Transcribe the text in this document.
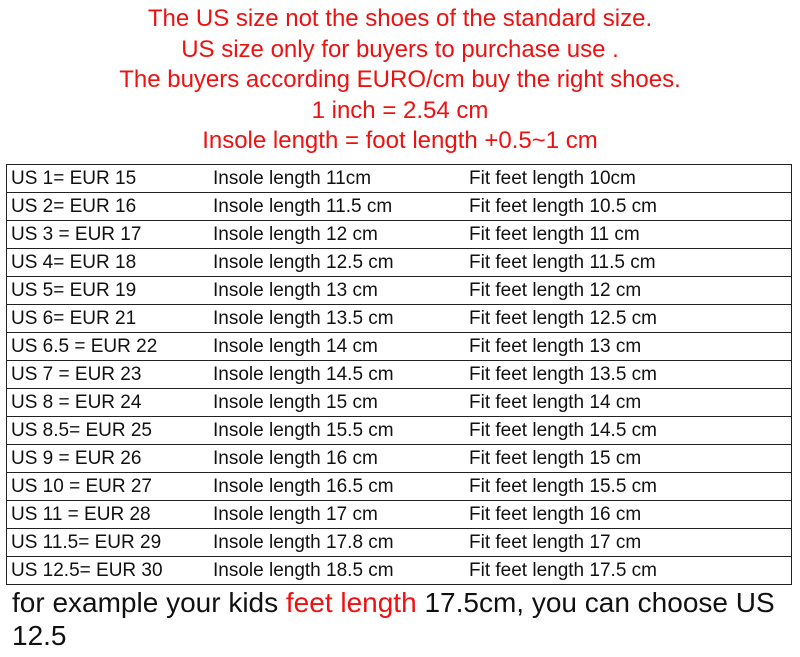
The US size not the shoes of the standard size.
US size only for buyers to purchase use .
The buyers according EURO/cm buy the right shoes.
1 inch = 2.54 cm
Insole length = foot length +0.5~1 cm
US 1= EUR 15	Insole length 11cm	Fit feet length 10cm

US 2= EUR 16	Insole length 11.5 cm	Fit feet length 10.5 cm

US 3 = EUR 17	Insole length 12 cm	Fit feet length 11 cm

US 4= EUR 18	Insole length 12.5 cm	Fit feet length 11.5 cm

US 5= EUR 19	Insole length 13 cm	Fit feet length 12 cm

US 6= EUR 21	Insole length 13.5 cm	Fit feet length 12.5 cm

US 6.5 = EUR 22	Insole length 14 cm	Fit feet length 13 cm

US 7 = EUR 23	Insole length 14.5 cm	Fit feet length 13.5 cm

US 8 = EUR 24	Insole length 15 cm	Fit feet length 14 cm

US 8.5= EUR 25	Insole length 15.5 cm	Fit feet length 14.5 cm

US 9 = EUR 26	Insole length 16 cm	Fit feet length 15 cm

US 10 = EUR 27	Insole length 16.5 cm	Fit feet length 15.5 cm

US 11 = EUR 28	Insole length 17 cm	Fit feet length 16 cm

US 11.5= EUR 29	Insole length 17.8 cm	Fit feet length 17 cm

US 12.5= EUR 30	Insole length 18.5 cm	Fit feet length 17.5 cm
for example your kids feet length 17.5cm, you can choose US 12.5
